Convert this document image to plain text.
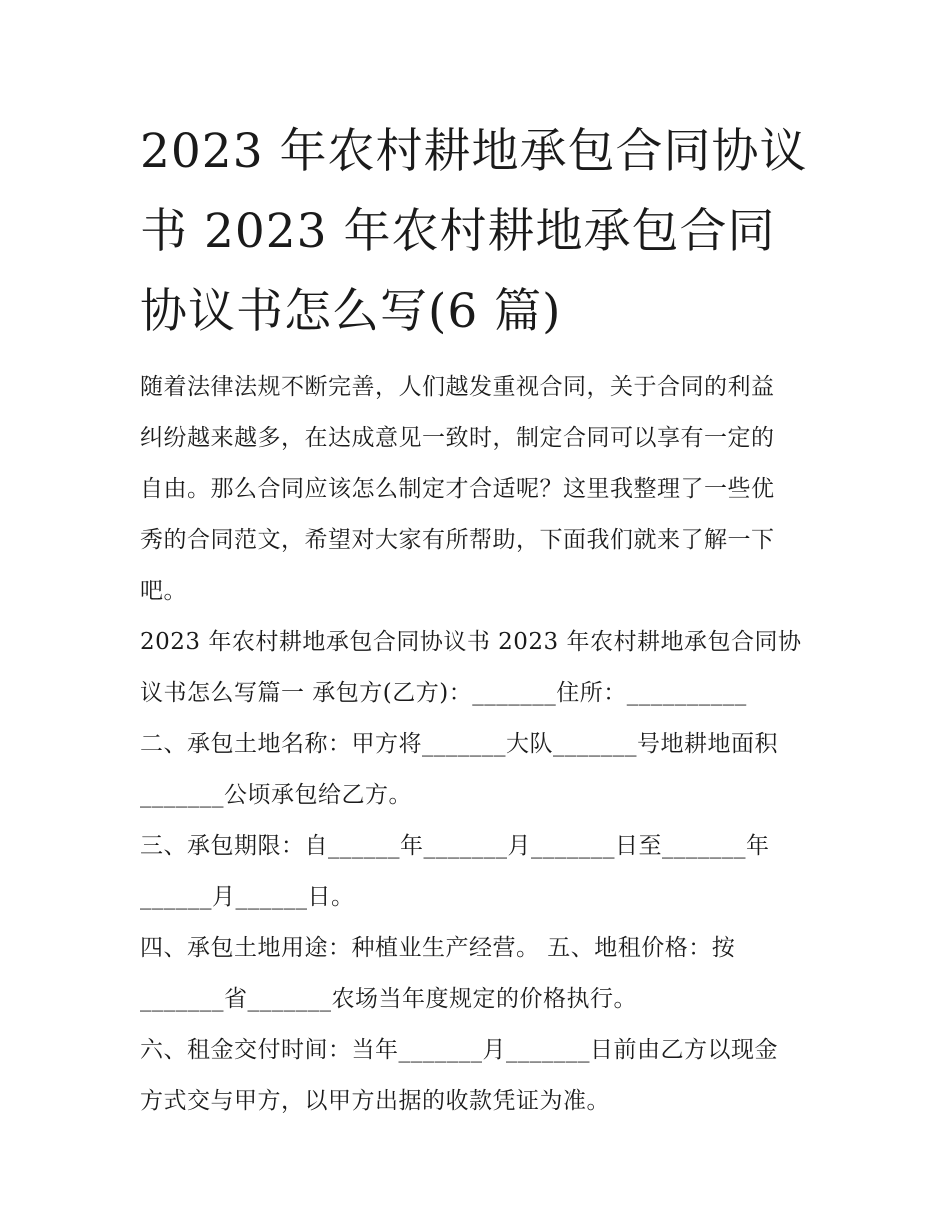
2023 年农村耕地承包合同协议
书 2023 年农村耕地承包合同
协议书怎么写(6 篇)

随着法律法规不断完善，人们越发重视合同，关于合同的利益
纠纷越来越多，在达成意见一致时，制定合同可以享有一定的
自由。那么合同应该怎么制定才合适呢？这里我整理了一些优
秀的合同范文，希望对大家有所帮助，下面我们就来了解一下
吧。

2023 年农村耕地承包合同协议书 2023 年农村耕地承包合同协
议书怎么写篇一 承包方(乙方)：_______住所：__________

二、承包土地名称：甲方将_______大队_______号地耕地面积
_______公顷承包给乙方。

三、承包期限：自______年_______月_______日至_______年
______月______日。

四、承包土地用途：种植业生产经营。 五、地租价格：按
_______省_______农场当年度规定的价格执行。

六、租金交付时间：当年_______月_______日前由乙方以现金
方式交与甲方，以甲方出据的收款凭证为准。
